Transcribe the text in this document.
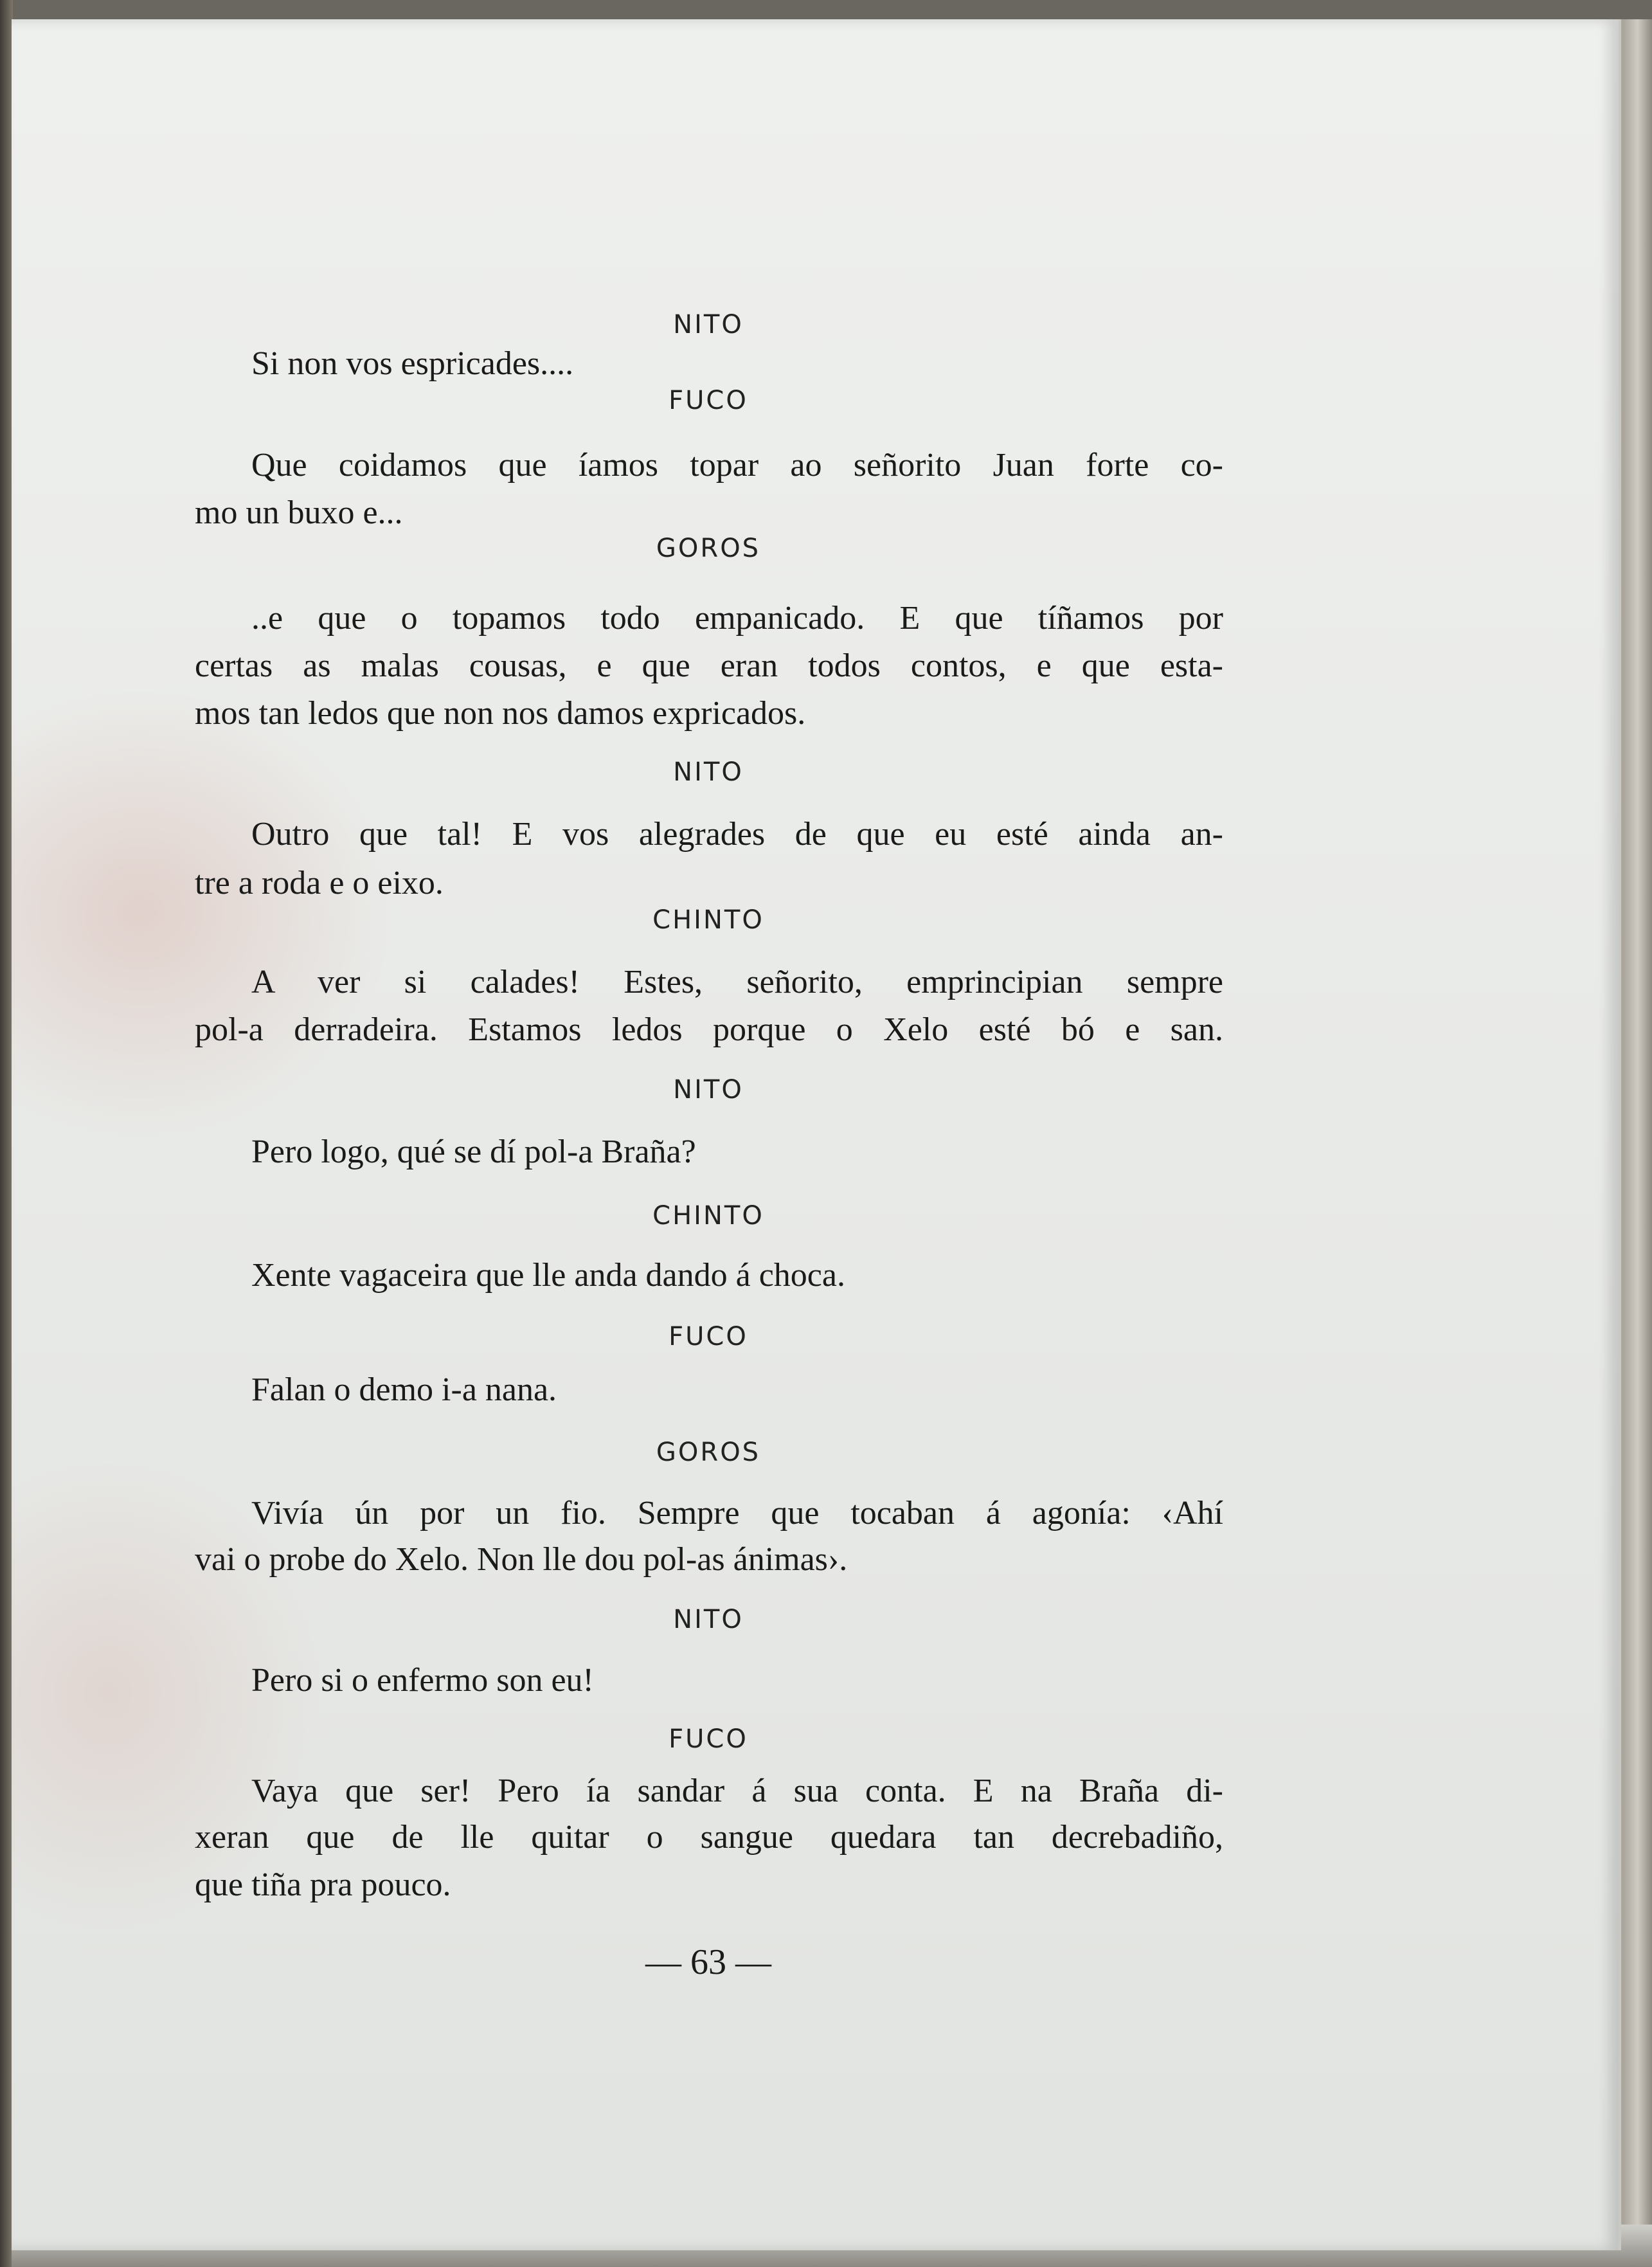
NITO
Si non vos espricades....
FUCO
Que coidamos que íamos topar ao señorito Juan forte co-
mo un buxo e...
GOROS
..e que o topamos todo empanicado. E que tíñamos por
certas as malas cousas, e que eran todos contos, e que esta-
mos tan ledos que non nos damos expricados.
NITO
Outro que tal! E vos alegrades de que eu esté ainda an-
tre a roda e o eixo.
CHINTO
A ver si calades! Estes, señorito, emprincipian sempre
pol-a derradeira. Estamos ledos porque o Xelo esté bó e san.
NITO
Pero logo, qué se dí pol-a Braña?
CHINTO
Xente vagaceira que lle anda dando á choca.
FUCO
Falan o demo i-a nana.
GOROS
Vivía ún por un fio. Sempre que tocaban á agonía: ‹Ahí
vai o probe do Xelo. Non lle dou pol-as ánimas›.
NITO
Pero si o enfermo son eu!
FUCO
Vaya que ser! Pero ía sandar á sua conta. E na Braña di-
xeran que de lle quitar o sangue quedara tan decrebadiño,
que tiña pra pouco.
— 63 —
